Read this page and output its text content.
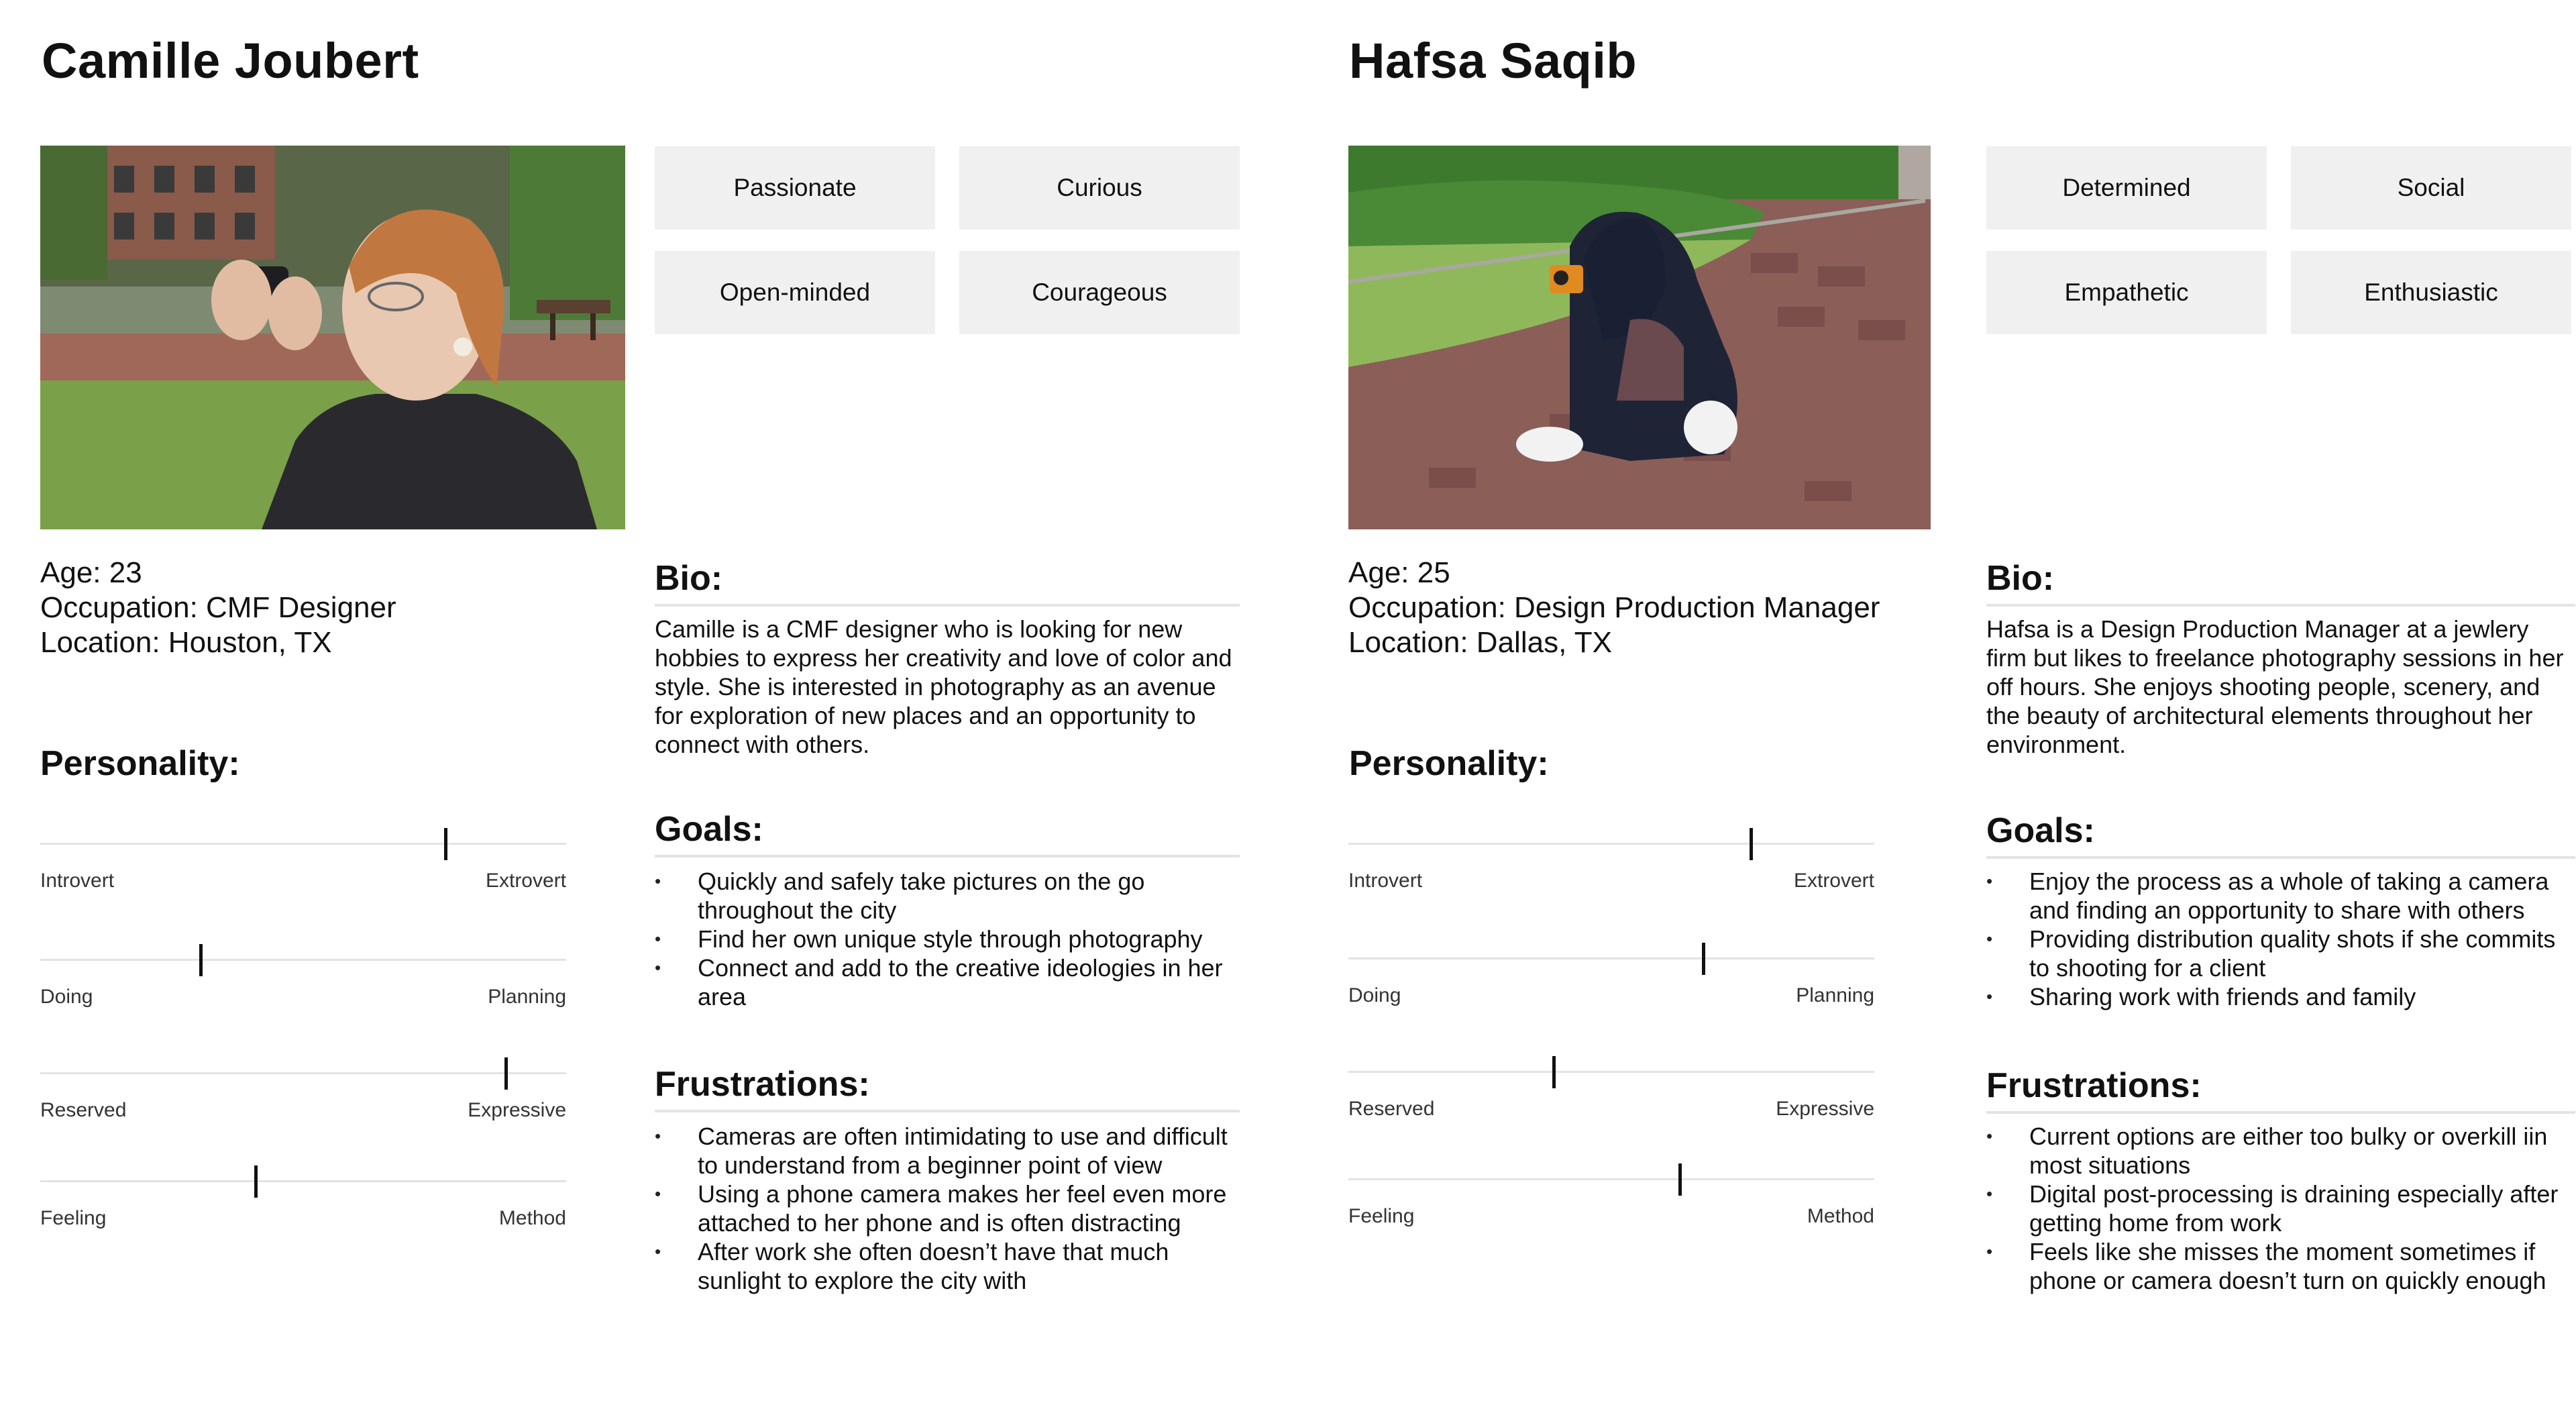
Camille Joubert
Passionate	Curious
Open-minded	Courageous
Age: 23
Occupation: CMF Designer
Location: Houston, TX
Personality:
Introvert	Extrovert
Doing	Planning
Reserved	Expressive
Feeling	Method
Bio:

Camille is a CMF designer who is looking for new hobbies to express her creativity and love of color and style. She is interested in photography as an avenue for exploration of new places and an opportunity to connect with others.

Goals:
• Quickly and safely take pictures on the go throughout the city
• Find her own unique style through photography
• Connect and add to the creative ideologies in her area
Frustrations:
• Cameras are often intimidating to use and difficult to understand from a beginner point of view
• Using a phone camera makes her feel even more attached to her phone and is often distracting
• After work she often doesn’t have that much sunlight to explore the city with
Hafsa Saqib
Determined	Social
Empathetic	Enthusiastic
Age: 25
Occupation: Design Production Manager
Location: Dallas, TX
Personality:
Introvert	Extrovert
Doing	Planning
Reserved	Expressive
Feeling	Method
Bio:

Hafsa is a Design Production Manager at a jewlery firm but likes to freelance photography sessions in her off hours. She enjoys shooting people, scenery, and the beauty of architectural elements throughout her environment.

Goals:
• Enjoy the process as a whole of taking a camera and finding an opportunity to share with others
• Providing distribution quality shots if she commits to shooting for a client
• Sharing work with friends and family
Frustrations:
• Current options are either too bulky or overkill iin most situations
• Digital post-processing is draining especially after getting home from work
• Feels like she misses the moment sometimes if phone or camera doesn’t turn on quickly enough
